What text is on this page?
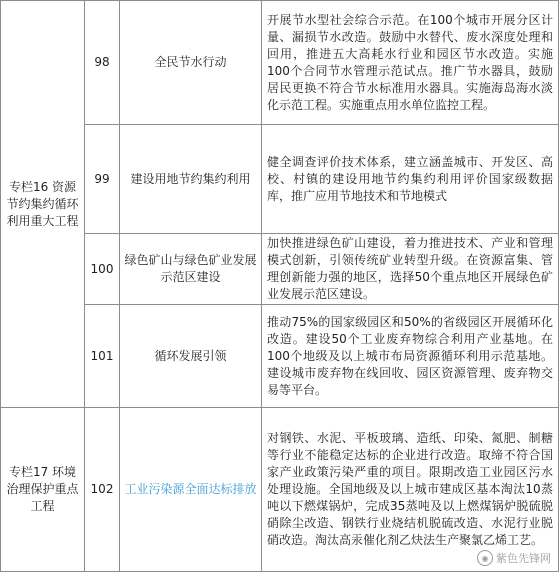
专栏16 资源节约集约循环利用重大工程	98	全民节水行动	开展节水型社会综合示范。在100个城市开展分区计量、漏损节水改造。鼓励中水替代、废水深度处理和回用，推进五大高耗水行业和园区节水改造。实施100个合同节水管理示范试点。推广节水器具，鼓励居民更换不符合节水标准用水器具。实施海岛海水淡化示范工程。实施重点用水单位监控工程。
	99	建设用地节约集约利用	健全调查评价技术体系，建立涵盖城市、开发区、高校、村镇的建设用地节约集约利用评价国家级数据库，推广应用节地技术和节地模式
	100	绿色矿山与绿色矿业发展示范区建设	加快推进绿色矿山建设，着力推进技术、产业和管理模式创新，引领传统矿业转型升级。在资源富集、管理创新能力强的地区，选择50个重点地区开展绿色矿业发展示范区建设。
	101	循环发展引领	推动75%的国家级园区和50%的省级园区开展循环化改造。建设50个工业废弃物综合利用产业基地。在100个地级及以上城市布局资源循环利用示范基地。建设城市废弃物在线回收、园区资源管理、废弃物交易等平台。
专栏17 环境治理保护重点工程	102	工业污染源全面达标排放	对钢铁、水泥、平板玻璃、造纸、印染、氮肥、制糖等行业不能稳定达标的企业进行改造。取缔不符合国家产业政策污染严重的项目。限期改造工业园区污水处理设施。全国地级及以上城市建成区基本淘汰10蒸吨以下燃煤锅炉，完成35蒸吨及以上燃煤锅炉脱硫脱硝除尘改造、钢铁行业烧结机脱硫改造、水泥行业脱硝改造。淘汰高汞催化剂乙炔法生产聚氯乙烯工艺。
◉ 紫色先锋网
